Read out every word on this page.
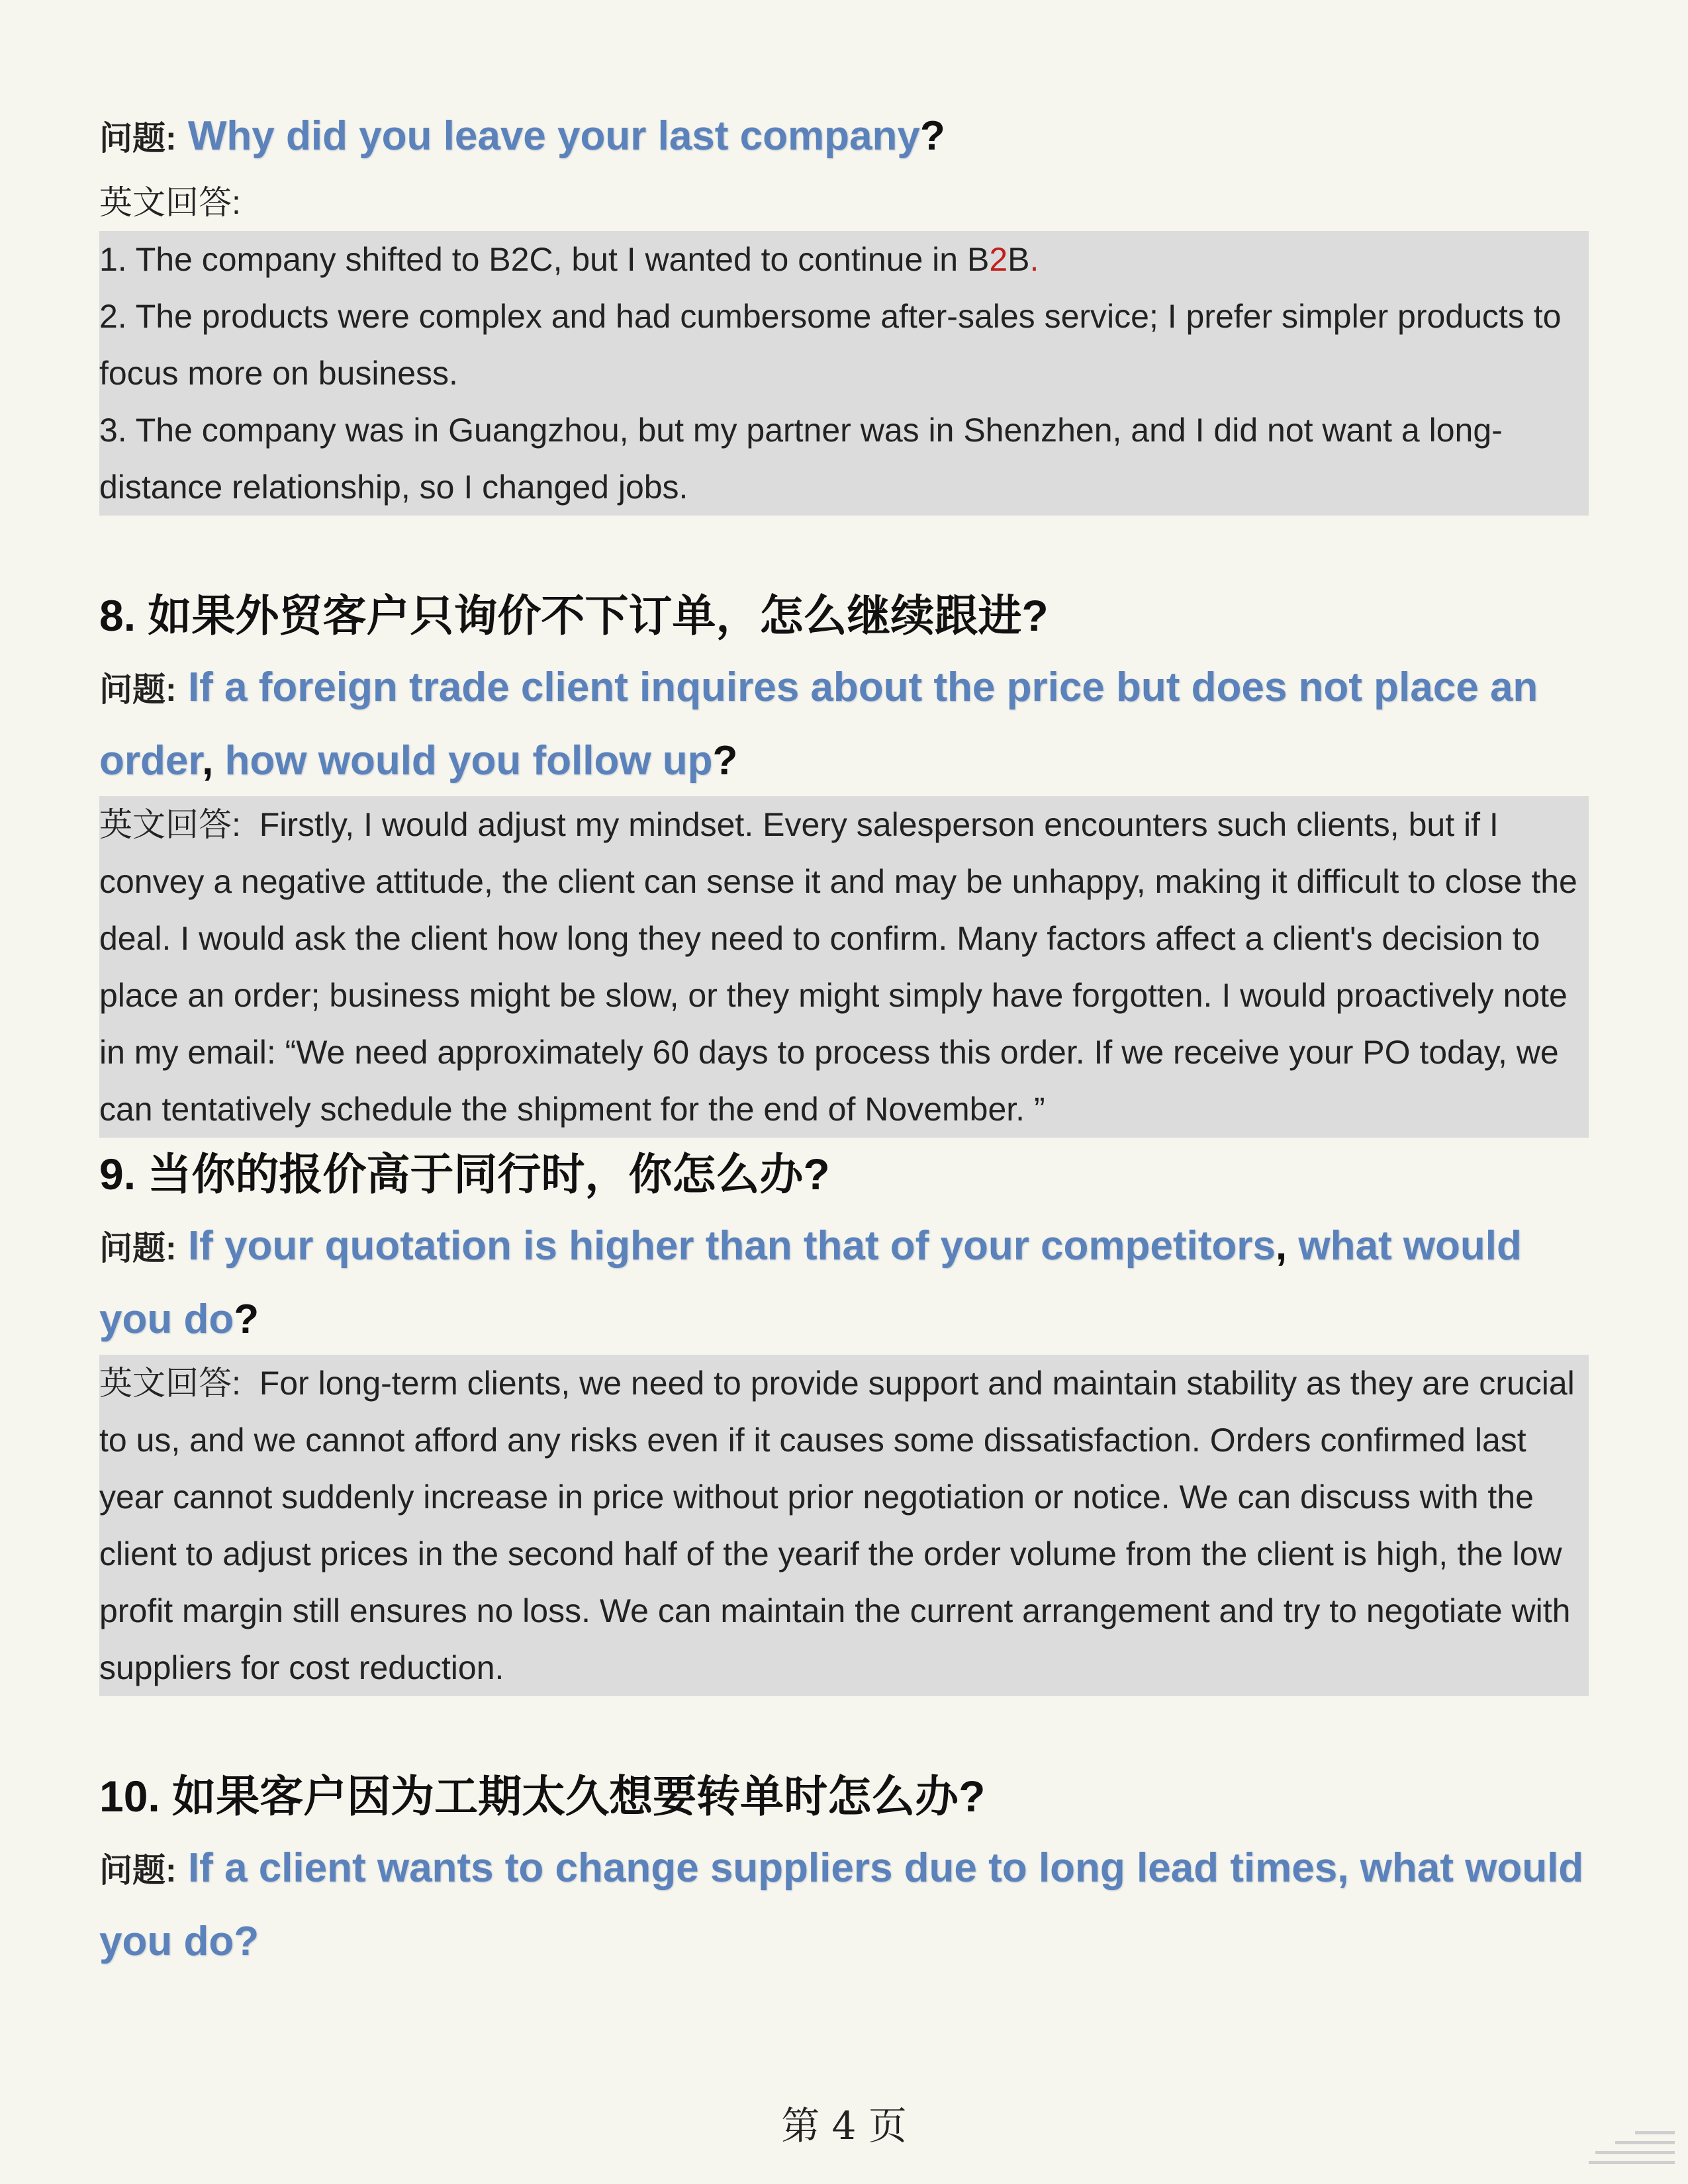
问题: Why did you leave your last company?

英文回答:

1. The company shifted to B2C, but I wanted to continue in B2B.

2. The products were complex and had cumbersome after-sales service; I prefer simpler products to focus more on business.

3. The company was in Guangzhou, but my partner was in Shenzhen, and I did not want a long-distance relationship, so I changed jobs.

8. 如果外贸客户只询价不下订单，怎么继续跟进?

问题: If a foreign trade client inquires about the price but does not place an order, how would you follow up?

英文回答: Firstly, I would adjust my mindset. Every salesperson encounters such clients, but if I convey a negative attitude, the client can sense it and may be unhappy, making it difficult to close the deal. I would ask the client how long they need to confirm. Many factors affect a client's decision to place an order; business might be slow, or they might simply have forgotten. I would proactively note in my email: “We need approximately 60 days to process this order. If we receive your PO today, we can tentatively schedule the shipment for the end of November. ”

9. 当你的报价高于同行时，你怎么办?

问题: If your quotation is higher than that of your competitors, what would you do?

英文回答: For long-term clients, we need to provide support and maintain stability as they are crucial to us, and we cannot afford any risks even if it causes some dissatisfaction. Orders confirmed last year cannot suddenly increase in price without prior negotiation or notice. We can discuss with the client to adjust prices in the second half of the yearif the order volume from the client is high, the low profit margin still ensures no loss. We can maintain the current arrangement and try to negotiate with suppliers for cost reduction.

10. 如果客户因为工期太久想要转单时怎么办?

问题: If a client wants to change suppliers due to long lead times, what would you do?

第 4 页
